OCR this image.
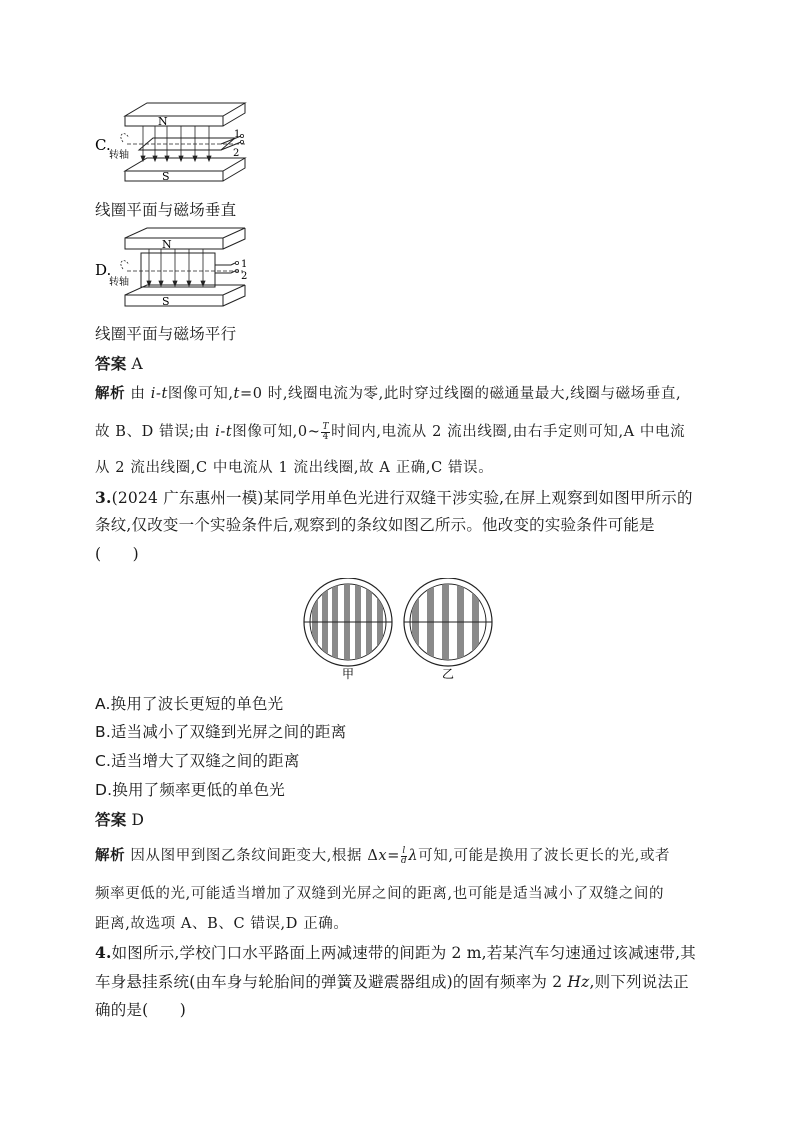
C.
N
S
1
2
转轴
线圈平面与磁场垂直
D.
N
S
1
2
转轴
线圈平面与磁场平行
答案 A
解析 由 i-t图像可知,t=0 时,线圈电流为零,此时穿过线圈的磁通量最大,线圈与磁场垂直,
故 B、D 错误;由 i-t图像可知,0~ $\frac{T}{4}$ 时间内,电流从 2 流出线圈,由右手定则可知,A 中电流
从 2 流出线圈,C 中电流从 1 流出线圈,故 A 正确,C 错误。
3.(2024 广东惠州一模)某同学用单色光进行双缝干涉实验,在屏上观察到如图甲所示的
条纹,仅改变一个实验条件后,观察到的条纹如图乙所示。他改变的实验条件可能是
(　　)
甲	乙
A.换用了波长更短的单色光
B.适当减小了双缝到光屏之间的距离
C.适当增大了双缝之间的距离
D.换用了频率更低的单色光
答案 D
解析 因从图甲到图乙条纹间距变大,根据 $\Delta x= \frac{l}{d}$ λ可知,可能是换用了波长更长的光,或者
频率更低的光,可能适当增加了双缝到光屏之间的距离,也可能是适当减小了双缝之间的
距离,故选项 A、B、C 错误,D 正确。
4.如图所示,学校门口水平路面上两减速带的间距为 2 m,若某汽车匀速通过该减速带,其
车身悬挂系统(由车身与轮胎间的弹簧及避震器组成)的固有频率为 2 Hz,则下列说法正
确的是(　　)
